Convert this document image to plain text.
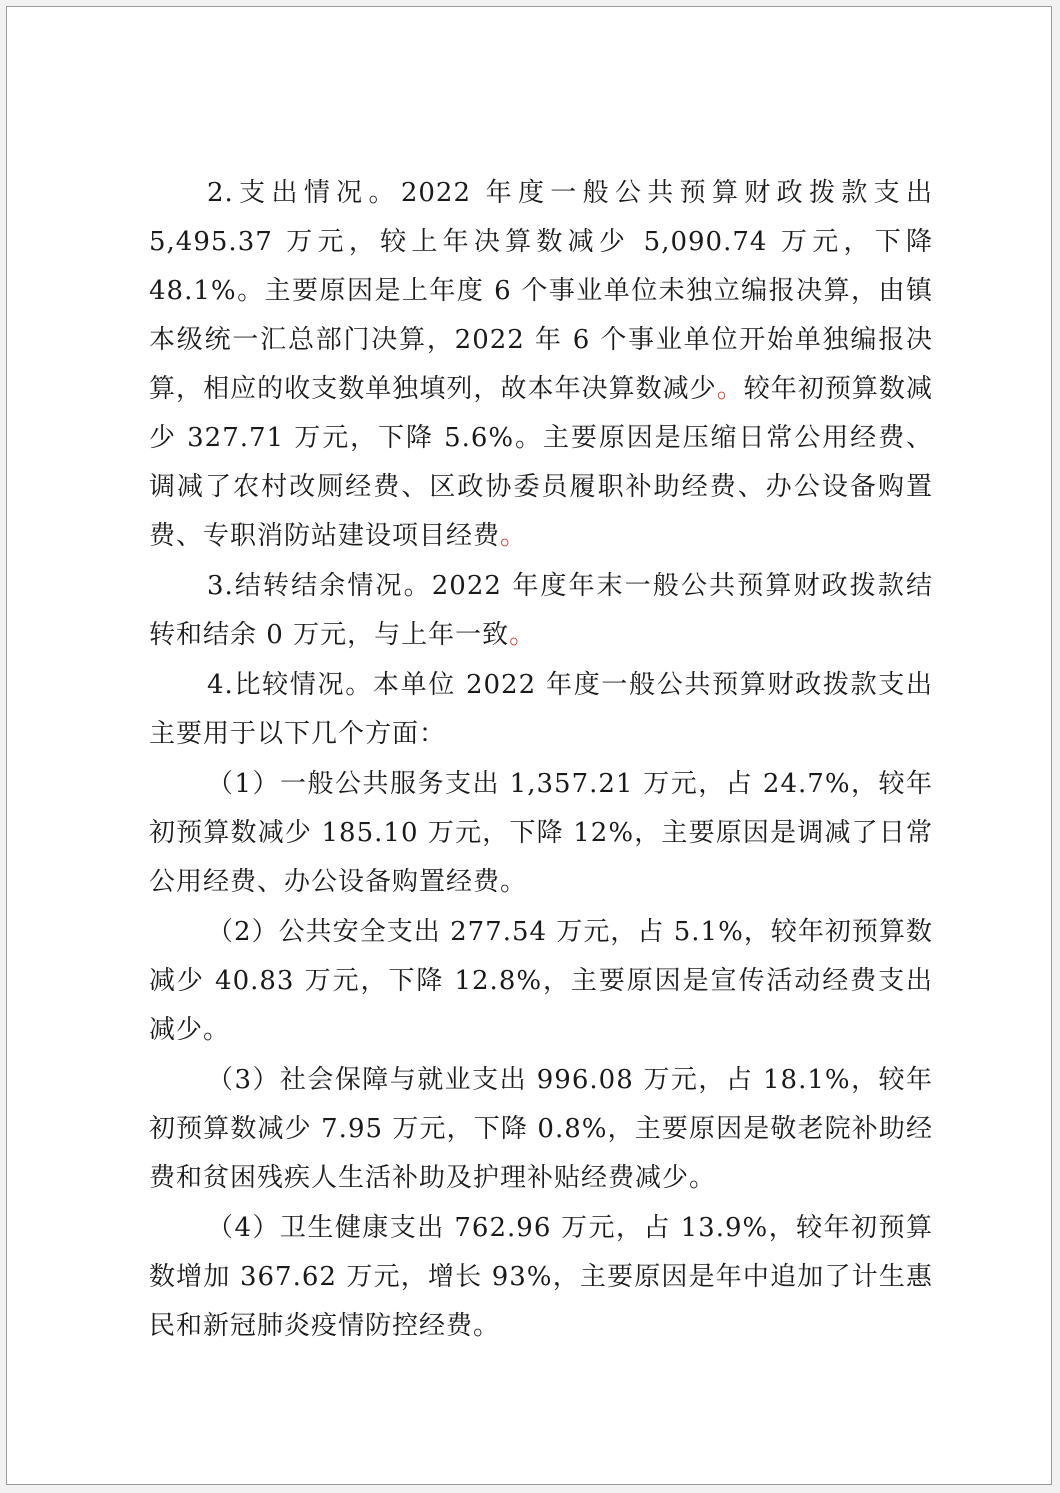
2.支出情况。2022 年度一般公共预算财政拨款支出 5,495.37 万元，较上年决算数减少 5,090.74 万元，下降 48.1%。主要原因是上年度 6 个事业单位未独立编报决算，由镇本级统一汇总部门决算，2022 年 6 个事业单位开始单独编报决算，相应的收支数单独填列，故本年决算数减少。较年初预算数减少 327.71 万元，下降 5.6%。主要原因是压缩日常公用经费、调减了农村改厕经费、区政协委员履职补助经费、办公设备购置费、专职消防站建设项目经费。

3.结转结余情况。2022 年度年末一般公共预算财政拨款结转和结余 0 万元，与上年一致。

4.比较情况。本单位 2022 年度一般公共预算财政拨款支出主要用于以下几个方面：

（1）一般公共服务支出 1,357.21 万元，占 24.7%，较年初预算数减少 185.10 万元，下降 12%，主要原因是调减了日常公用经费、办公设备购置经费。

（2）公共安全支出 277.54 万元，占 5.1%，较年初预算数减少 40.83 万元，下降 12.8%，主要原因是宣传活动经费支出减少。

（3）社会保障与就业支出 996.08 万元，占 18.1%，较年初预算数减少 7.95 万元，下降 0.8%，主要原因是敬老院补助经费和贫困残疾人生活补助及护理补贴经费减少。

（4）卫生健康支出 762.96 万元，占 13.9%，较年初预算数增加 367.62 万元，增长 93%，主要原因是年中追加了计生惠民和新冠肺炎疫情防控经费。
